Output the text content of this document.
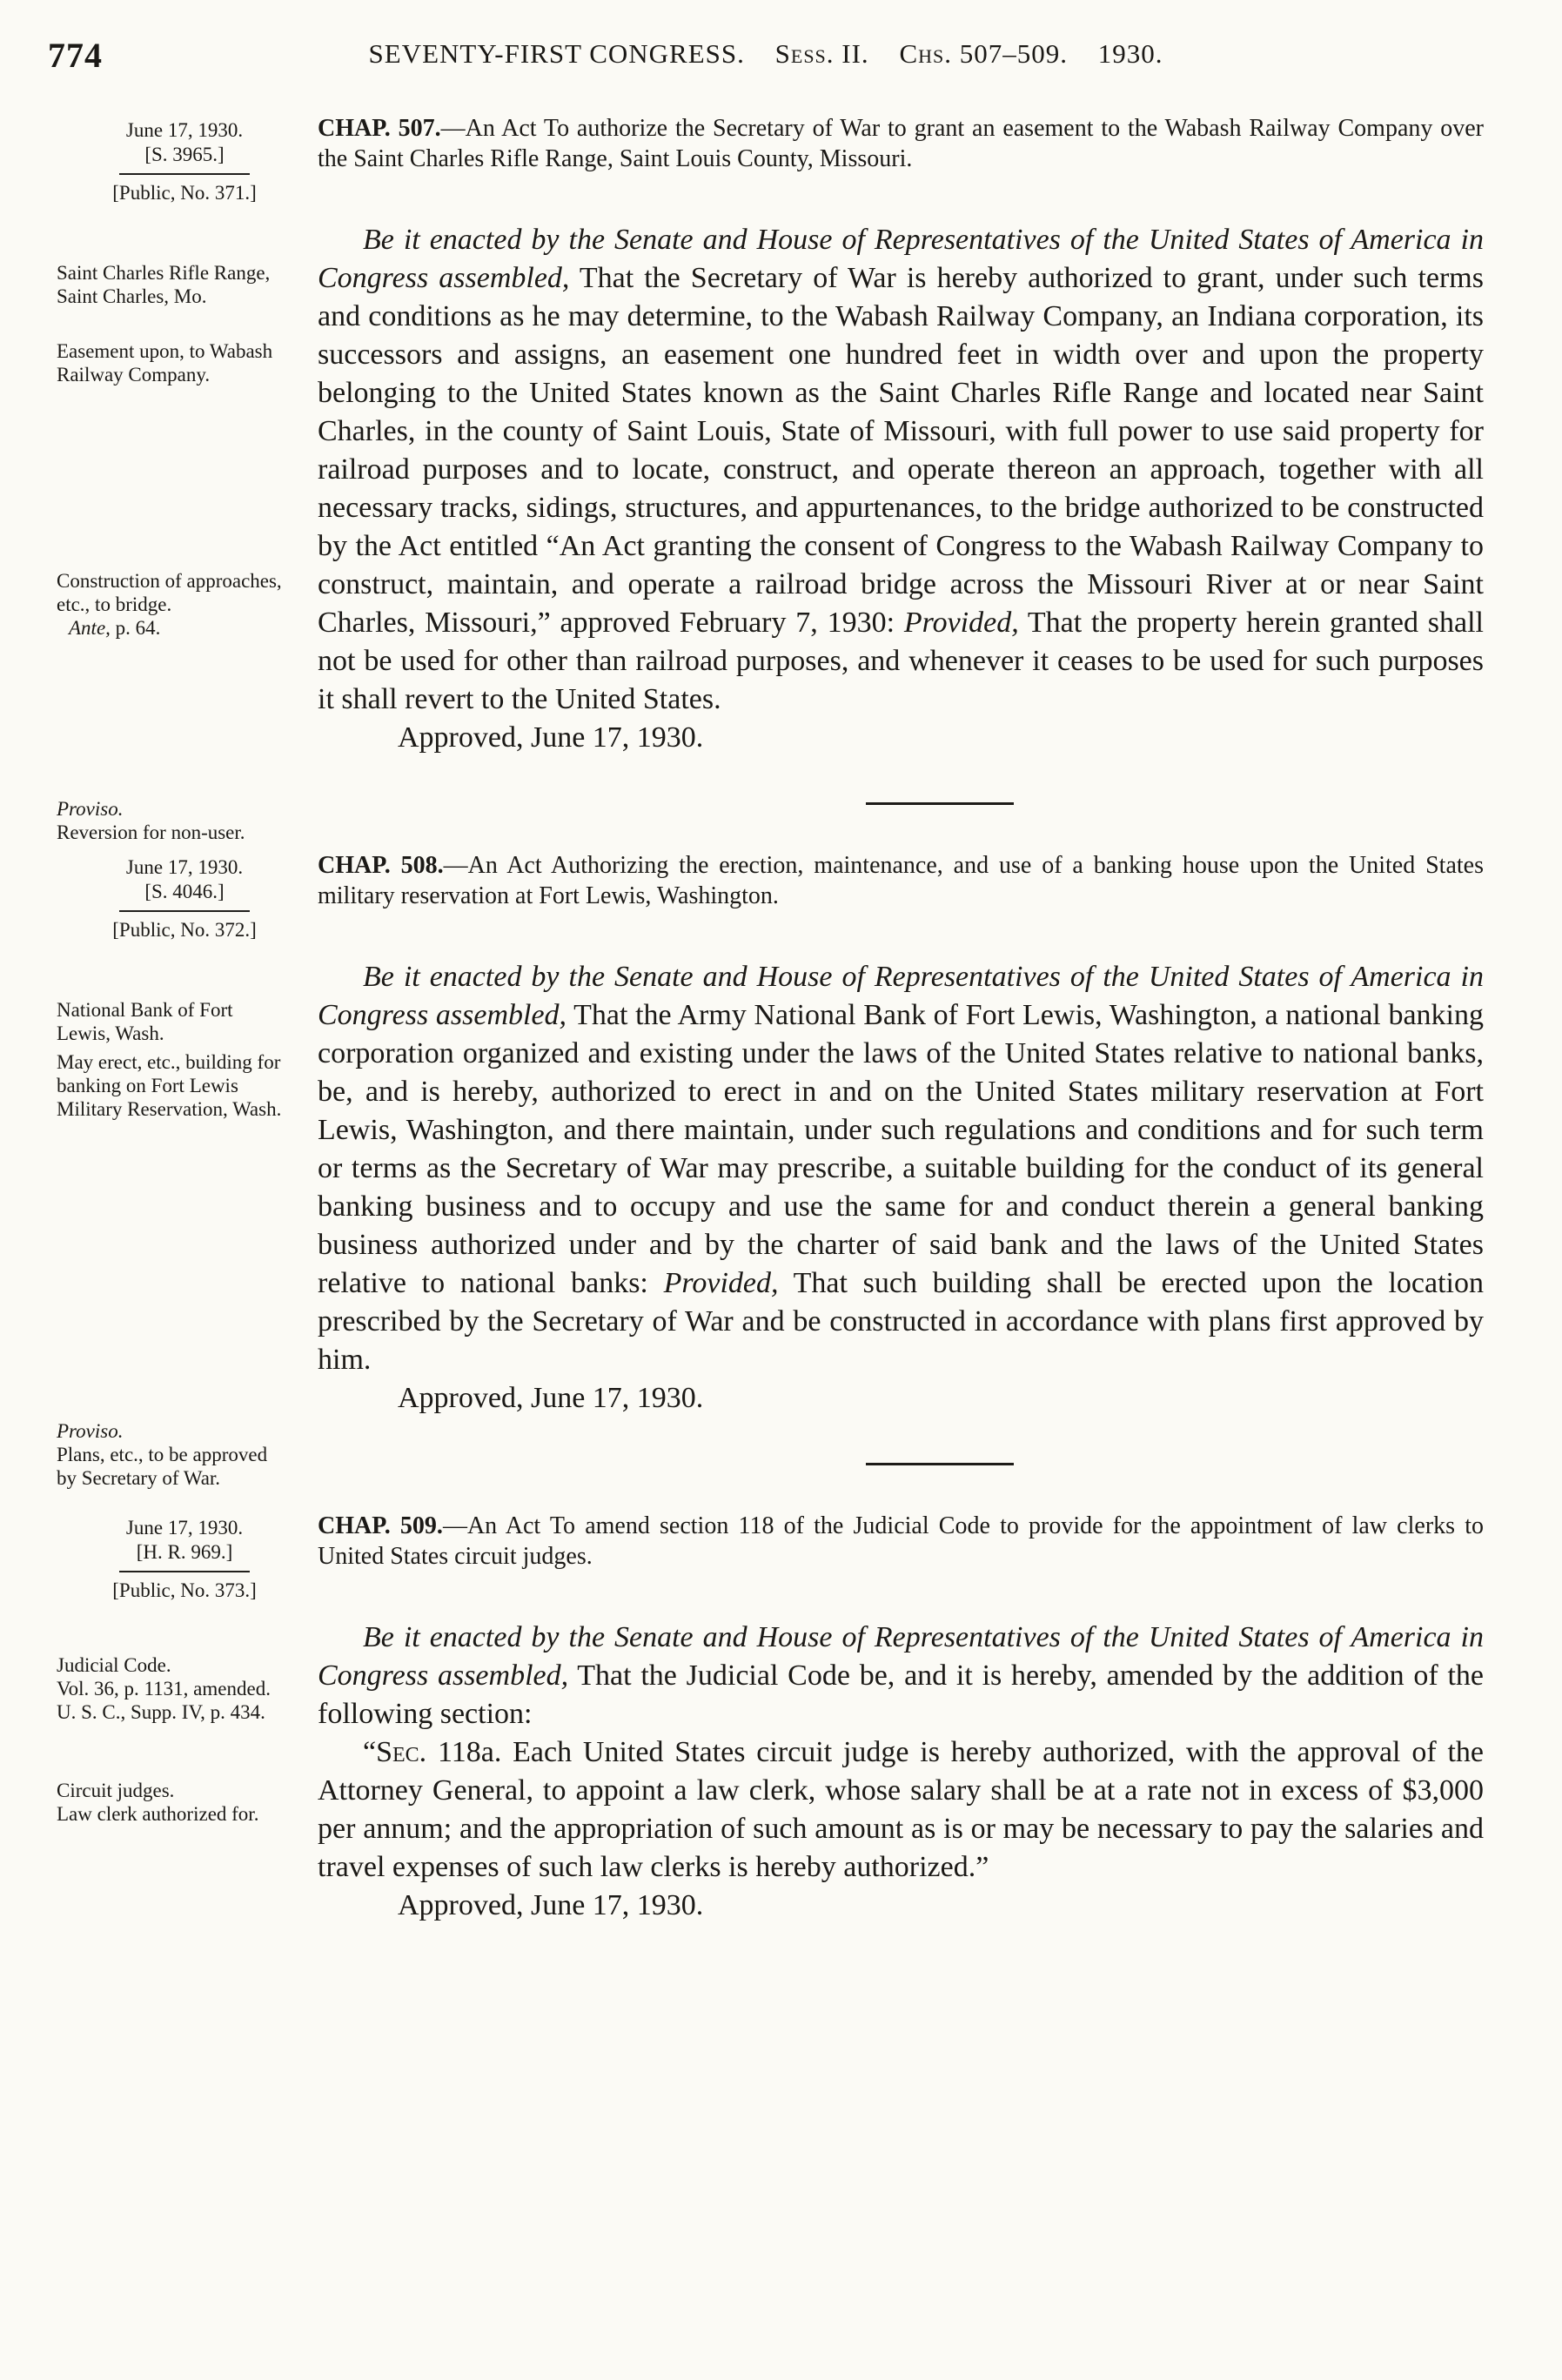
774	SEVENTY-FIRST CONGRESS. Sess. II. Chs. 507–509. 1930.
June 17, 1930.
[S. 3965.]
[Public, No. 371.]

CHAP. 507.—An Act To authorize the Secretary of War to grant an easement to the Wabash Railway Company over the Saint Charles Rifle Range, Saint Louis County, Missouri.

Saint Charles Rifle Range, Saint Charles, Mo.
Easement upon, to Wabash Railway Company.
Construction of approaches, etc., to bridge.
Ante, p. 64.
Proviso.
Reversion for non-user.

Be it enacted by the Senate and House of Representatives of the United States of America in Congress assembled, That the Secretary of War is hereby authorized to grant, under such terms and conditions as he may determine, to the Wabash Railway Company, an Indiana corporation, its successors and assigns, an easement one hundred feet in width over and upon the property belonging to the United States known as the Saint Charles Rifle Range and located near Saint Charles, in the county of Saint Louis, State of Missouri, with full power to use said property for railroad purposes and to locate, construct, and operate thereon an approach, together with all necessary tracks, sidings, structures, and appurtenances, to the bridge authorized to be constructed by the Act entitled “An Act granting the consent of Congress to the Wabash Railway Company to construct, maintain, and operate a railroad bridge across the Missouri River at or near Saint Charles, Missouri,” approved February 7, 1930: Provided, That the property herein granted shall not be used for other than railroad purposes, and whenever it ceases to be used for such purposes it shall revert to the United States.

Approved, June 17, 1930.

June 17, 1930.
[S. 4046.]
[Public, No. 372.]

CHAP. 508.—An Act Authorizing the erection, maintenance, and use of a banking house upon the United States military reservation at Fort Lewis, Washington.

National Bank of Fort Lewis, Wash.
May erect, etc., building for banking on Fort Lewis Military Reservation, Wash.
Proviso.
Plans, etc., to be approved by Secretary of War.

Be it enacted by the Senate and House of Representatives of the United States of America in Congress assembled, That the Army National Bank of Fort Lewis, Washington, a national banking corporation organized and existing under the laws of the United States relative to national banks, be, and is hereby, authorized to erect in and on the United States military reservation at Fort Lewis, Washington, and there maintain, under such regulations and conditions and for such term or terms as the Secretary of War may prescribe, a suitable building for the conduct of its general banking business and to occupy and use the same for and conduct therein a general banking business authorized under and by the charter of said bank and the laws of the United States relative to national banks: Provided, That such building shall be erected upon the location prescribed by the Secretary of War and be constructed in accordance with plans first approved by him.

Approved, June 17, 1930.

June 17, 1930.
[H. R. 969.]
[Public, No. 373.]

CHAP. 509.—An Act To amend section 118 of the Judicial Code to provide for the appointment of law clerks to United States circuit judges.

Judicial Code.
Vol. 36, p. 1131, amended.
U. S. C., Supp. IV, p. 434.
Circuit judges.
Law clerk authorized for.

Be it enacted by the Senate and House of Representatives of the United States of America in Congress assembled, That the Judicial Code be, and it is hereby, amended by the addition of the following section:

“Sec. 118a. Each United States circuit judge is hereby authorized, with the approval of the Attorney General, to appoint a law clerk, whose salary shall be at a rate not in excess of $3,000 per annum; and the appropriation of such amount as is or may be necessary to pay the salaries and travel expenses of such law clerks is hereby authorized.”

Approved, June 17, 1930.
